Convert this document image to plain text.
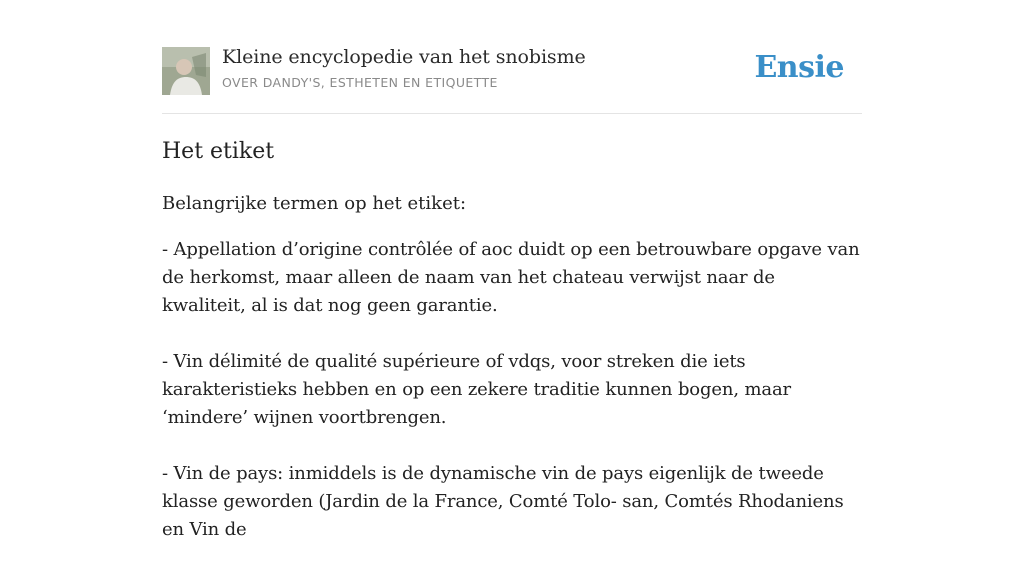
Kleine encyclopedie van het snobisme
OVER DANDY'S, ESTHETEN EN ETIQUETTE	Ensie
Het etiket

Belangrijke termen op het etiket:

- Appellation d’origine contrôlée of aoc duidt op een betrouwbare opgave van de herkomst, maar alleen de naam van het chateau verwijst naar de kwaliteit, al is dat nog geen garantie.

- Vin délimité de qualité supérieure of vdqs, voor streken die iets karakteristieks hebben en op een zekere traditie kunnen bogen, maar ‘mindere’ wijnen voortbrengen.

- Vin de pays: inmiddels is de dynamische vin de pays eigenlijk de tweede klasse geworden (Jardin de la France, Comté Tolo- san, Comtés Rhodaniens en Vin de
